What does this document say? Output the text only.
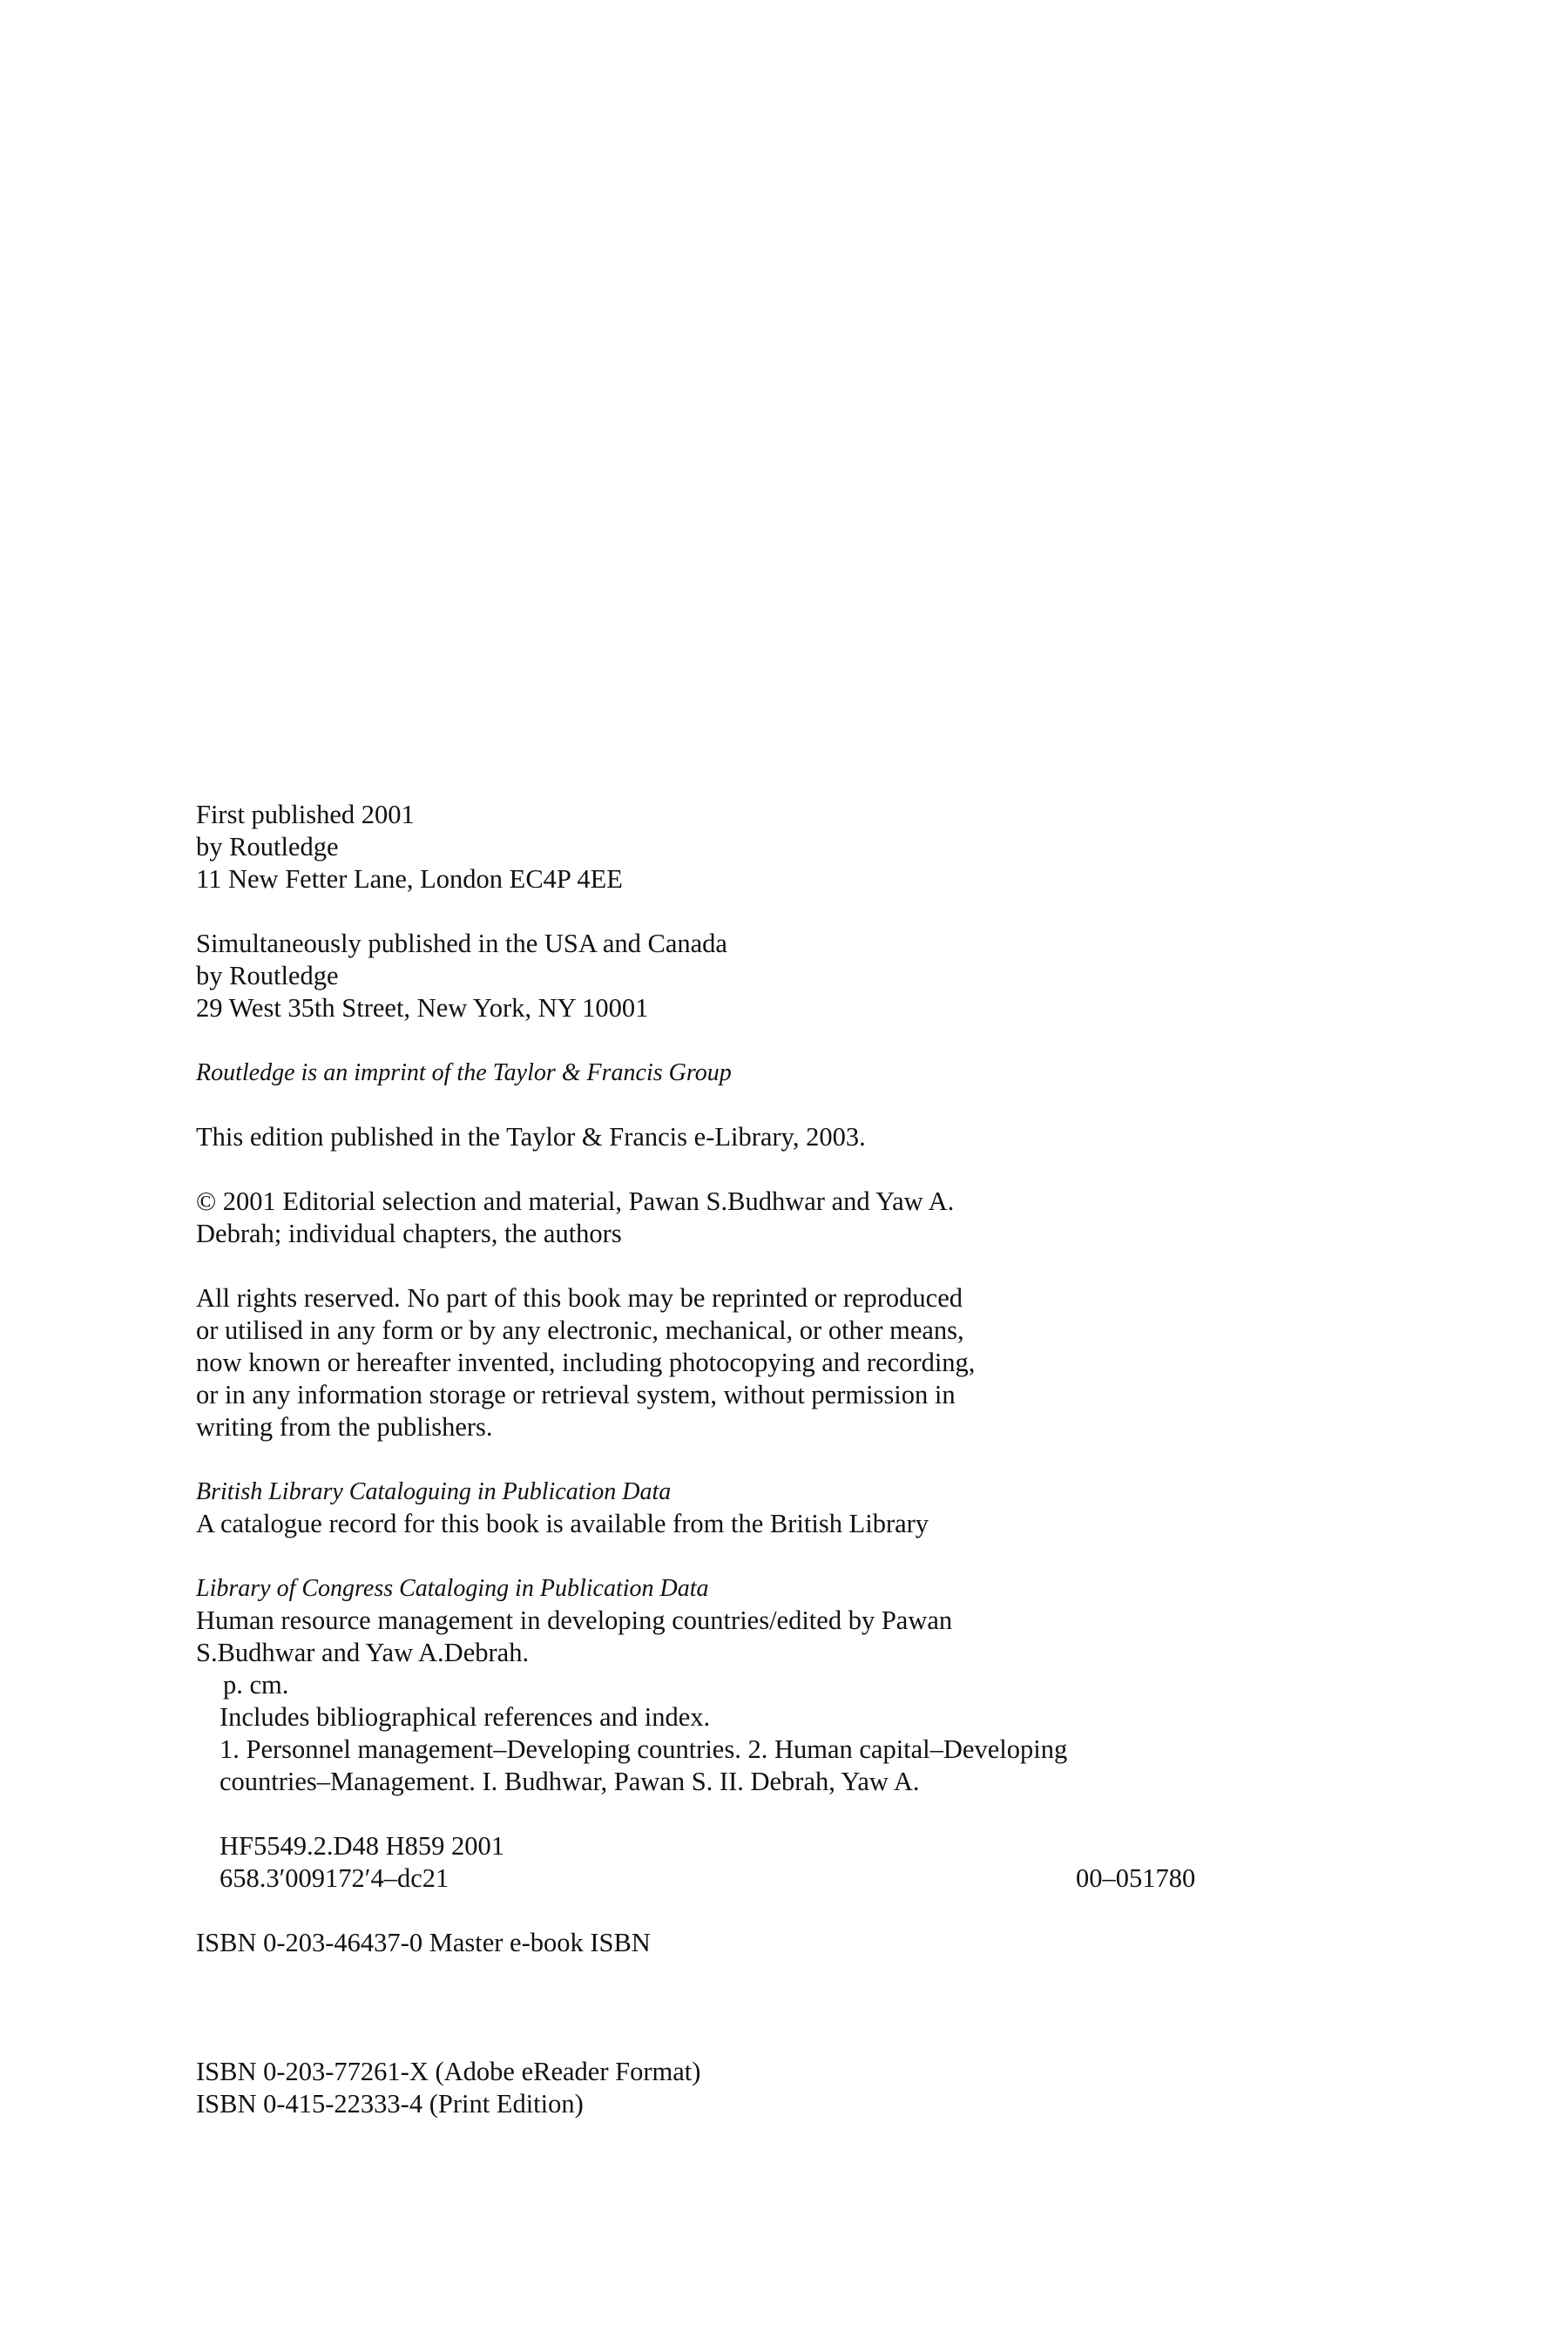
First published 2001
by Routledge
11 New Fetter Lane, London EC4P 4EE
Simultaneously published in the USA and Canada
by Routledge
29 West 35th Street, New York, NY 10001
Routledge is an imprint of the Taylor & Francis Group
This edition published in the Taylor & Francis e-Library, 2003.
© 2001 Editorial selection and material, Pawan S.Budhwar and Yaw A.
Debrah; individual chapters, the authors
All rights reserved. No part of this book may be reprinted or reproduced
or utilised in any form or by any electronic, mechanical, or other means,
now known or hereafter invented, including photocopying and recording,
or in any information storage or retrieval system, without permission in
writing from the publishers.
British Library Cataloguing in Publication Data
A catalogue record for this book is available from the British Library
Library of Congress Cataloging in Publication Data
Human resource management in developing countries/edited by Pawan
S.Budhwar and Yaw A.Debrah.
p. cm.
Includes bibliographical references and index.
1. Personnel management–Developing countries. 2. Human capital–Developing
countries–Management. I. Budhwar, Pawan S. II. Debrah, Yaw A.
HF5549.2.D48 H859 2001
658.3′009172′4–dc21	00–051780
ISBN 0-203-46437-0 Master e-book ISBN
ISBN 0-203-77261-X (Adobe eReader Format)
ISBN 0-415-22333-4 (Print Edition)
